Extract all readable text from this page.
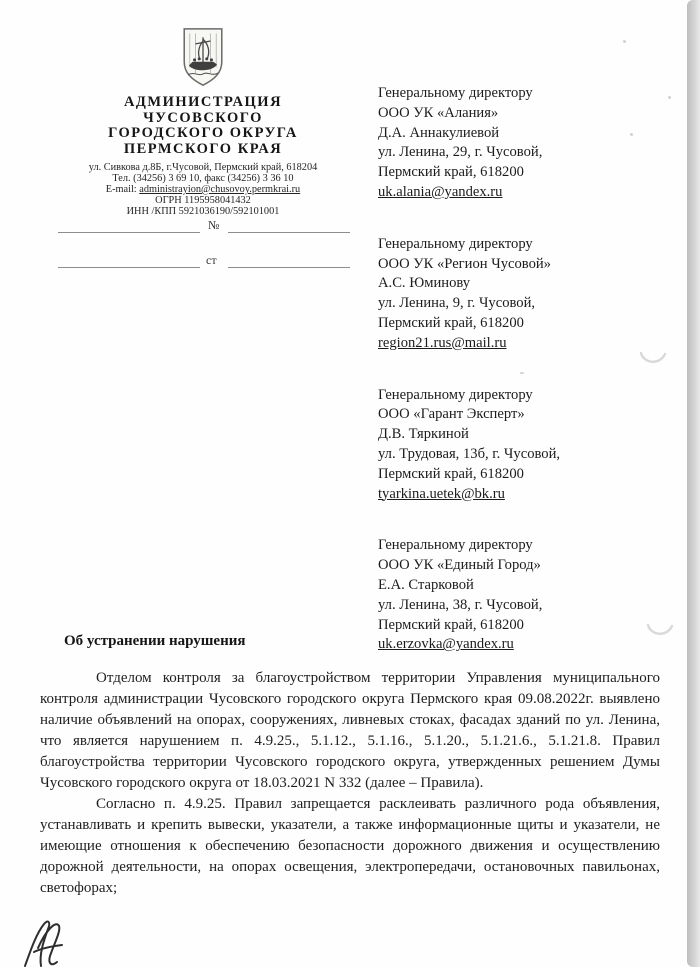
АДМИНИСТРАЦИЯ
ЧУСОВСКОГО
ГОРОДСКОГО ОКРУГА
ПЕРМСКОГО КРАЯ
ул. Сивкова д.8Б, г.Чусовой, Пермский край, 618204
Тел. (34256) 3 69 10, факс (34256) 3 36 10
E-mail: administrayion@chusovoy.permkrai.ru
ОГРН 1195958041432
ИНН /КПП 5921036190/592101001
№
ст
Генеральному директору
ООО УК «Алания»
Д.А. Аннакулиевой
ул. Ленина, 29, г. Чусовой,
Пермский край, 618200
uk.alania@yandex.ru
Генеральному директору
ООО УК «Регион Чусовой»
А.С. Юминову
ул. Ленина, 9, г. Чусовой,
Пермский край, 618200
region21.rus@mail.ru
Генеральному директору
ООО «Гарант Эксперт»
Д.В. Тяркиной
ул. Трудовая, 13б, г. Чусовой,
Пермский край, 618200
tyarkina.uetek@bk.ru
Генеральному директору
ООО УК «Единый Город»
Е.А. Старковой
ул. Ленина, 38, г. Чусовой,
Пермский край, 618200
uk.erzovka@yandex.ru
Об устранении нарушения

Отделом контроля за благоустройством территории Управления муниципального контроля администрации Чусовского городского округа Пермского края 09.08.2022г. выявлено наличие объявлений на опорах, сооружениях, ливневых стоках, фасадах зданий по ул. Ленина, что является нарушением п. 4.9.25., 5.1.12., 5.1.16., 5.1.20., 5.1.21.6., 5.1.21.8. Правил благоустройства территории Чусовского городского округа, утвержденных решением Думы Чусовского городского округа от 18.03.2021 N 332 (далее – Правила).

Согласно п. 4.9.25. Правил запрещается расклеивать различного рода объявления, устанавливать и крепить вывески, указатели, а также информационные щиты и указатели, не имеющие отношения к обеспечению безопасности дорожного движения и осуществлению дорожной деятельности, на опорах освещения, электропередачи, остановочных павильонах, светофорах;
